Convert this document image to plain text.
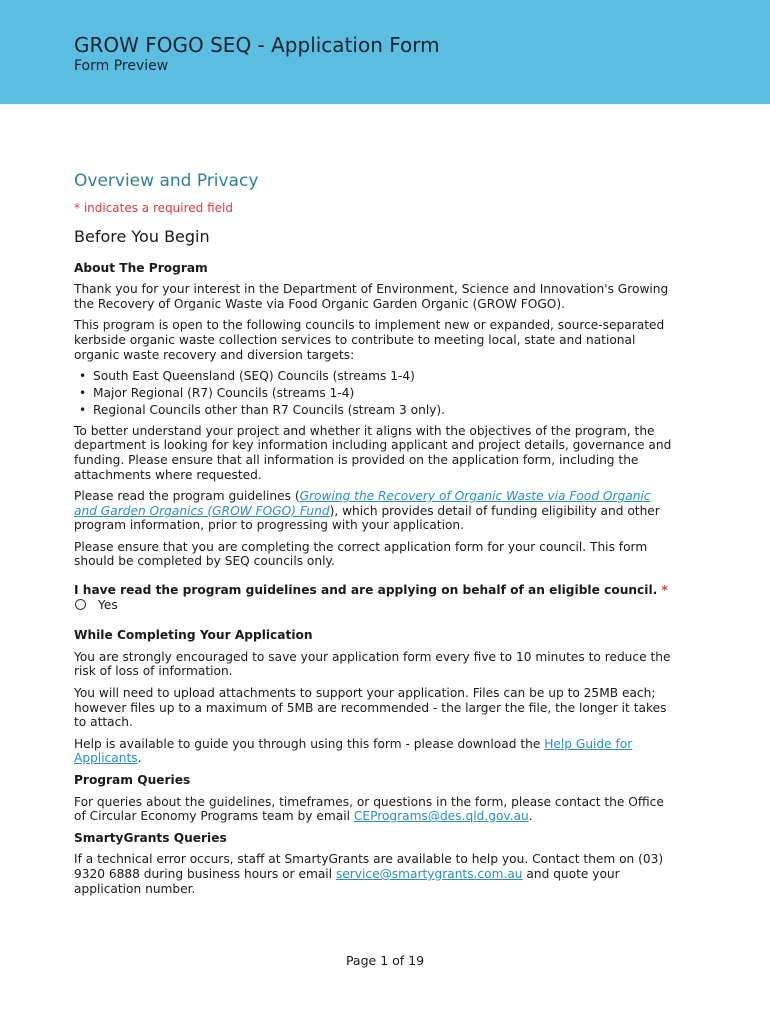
GROW FOGO SEQ - Application Form
Form Preview
Overview and Privacy
* indicates a required field
Before You Begin
About The Program

Thank you for your interest in the Department of Environment, Science and Innovation's Growing the Recovery of Organic Waste via Food Organic Garden Organic (GROW FOGO).

This program is open to the following councils to implement new or expanded, source-separated kerbside organic waste collection services to contribute to meeting local, state and national organic waste recovery and diversion targets:

• South East Queensland (SEQ) Councils (streams 1-4)
• Major Regional (R7) Councils (streams 1-4)
• Regional Councils other than R7 Councils (stream 3 only).

To better understand your project and whether it aligns with the objectives of the program, the department is looking for key information including applicant and project details, governance and funding. Please ensure that all information is provided on the application form, including the attachments where requested.

Please read the program guidelines (Growing the Recovery of Organic Waste via Food Organic and Garden Organics (GROW FOGO) Fund), which provides detail of funding eligibility and other program information, prior to progressing with your application.

Please ensure that you are completing the correct application form for your council. This form should be completed by SEQ councils only.

I have read the program guidelines and are applying on behalf of an eligible council. *
Yes
While Completing Your Application

You are strongly encouraged to save your application form every five to 10 minutes to reduce the risk of loss of information.

You will need to upload attachments to support your application. Files can be up to 25MB each; however files up to a maximum of 5MB are recommended - the larger the file, the longer it takes to attach.

Help is available to guide you through using this form - please download the Help Guide for Applicants.

Program Queries

For queries about the guidelines, timeframes, or questions in the form, please contact the Office of Circular Economy Programs team by email CEPrograms@des.qld.gov.au.

SmartyGrants Queries

If a technical error occurs, staff at SmartyGrants are available to help you. Contact them on (03) 9320 6888 during business hours or email service@smartygrants.com.au and quote your application number.

Page 1 of 19
